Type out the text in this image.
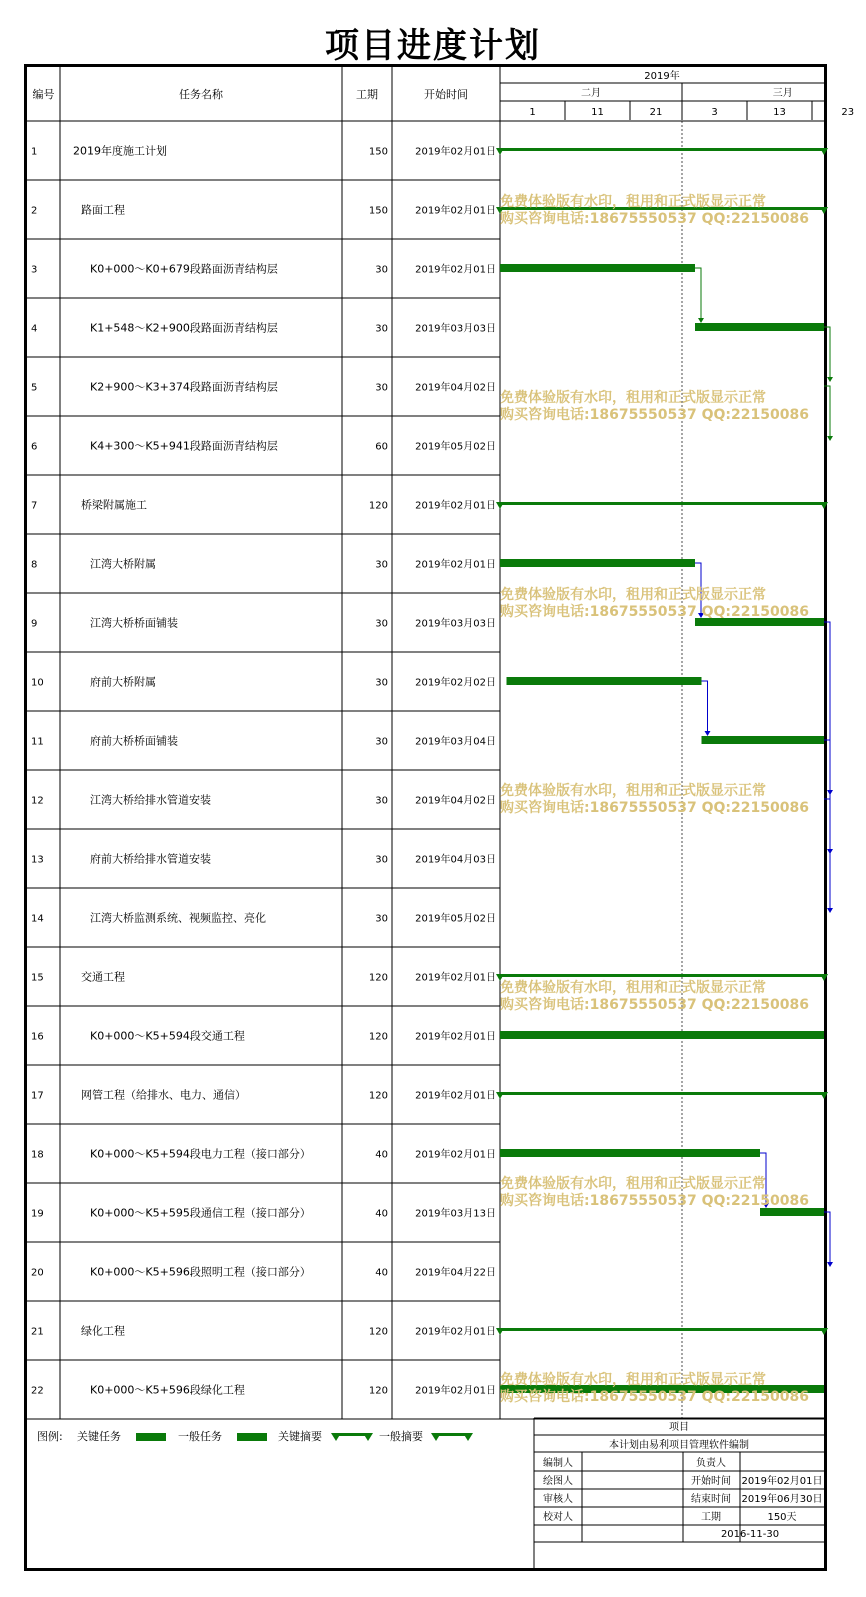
项目进度计划
编号	任务名称	工期	开始时间
2019年
二月
1	11	21
三月
3	13	23
1	2019年度施工计划	150	2019年02月01日
2	路面工程	150	2019年02月01日
3	K0+000～K0+679段路面沥青结构层	30	2019年02月01日
4	K1+548～K2+900段路面沥青结构层	30	2019年03月03日
5	K2+900～K3+374段路面沥青结构层	30	2019年04月02日
6	K4+300～K5+941段路面沥青结构层	60	2019年05月02日
7	桥梁附属施工	120	2019年02月01日
8	江湾大桥附属	30	2019年02月01日
9	江湾大桥桥面铺装	30	2019年03月03日
10	府前大桥附属	30	2019年02月02日
11	府前大桥桥面铺装	30	2019年03月04日
12	江湾大桥给排水管道安装	30	2019年04月02日
13	府前大桥给排水管道安装	30	2019年04月03日
14	江湾大桥监测系统、视频监控、亮化	30	2019年05月02日
15	交通工程	120	2019年02月01日
16	K0+000～K5+594段交通工程	120	2019年02月01日
17	网管工程（给排水、电力、通信）	120	2019年02月01日
18	K0+000～K5+594段电力工程（接口部分）	40	2019年02月01日
19	K0+000～K5+595段通信工程（接口部分）	40	2019年03月13日
20	K0+000～K5+596段照明工程（接口部分）	40	2019年04月22日
21	绿化工程	120	2019年02月01日
22	K0+000～K5+596段绿化工程	120	2019年02月01日
免费体验版有水印，租用和正式版显示正常
购买咨询电话:18675550537 QQ:22150086
免费体验版有水印，租用和正式版显示正常
购买咨询电话:18675550537 QQ:22150086
免费体验版有水印，租用和正式版显示正常
购买咨询电话:18675550537 QQ:22150086
免费体验版有水印，租用和正式版显示正常
购买咨询电话:18675550537 QQ:22150086
免费体验版有水印，租用和正式版显示正常
购买咨询电话:18675550537 QQ:22150086
免费体验版有水印，租用和正式版显示正常
购买咨询电话:18675550537 QQ:22150086
免费体验版有水印，租用和正式版显示正常
购买咨询电话:18675550537 QQ:22150086
图例: 关键任务	一般任务	关键摘要	一般摘要
项目
本计划由易利项目管理软件编制
编制人	负责人
绘图人	开始时间 2019年02月01日
审核人	结束时间 2019年06月30日
校对人	工期	150天
2016-11-30
